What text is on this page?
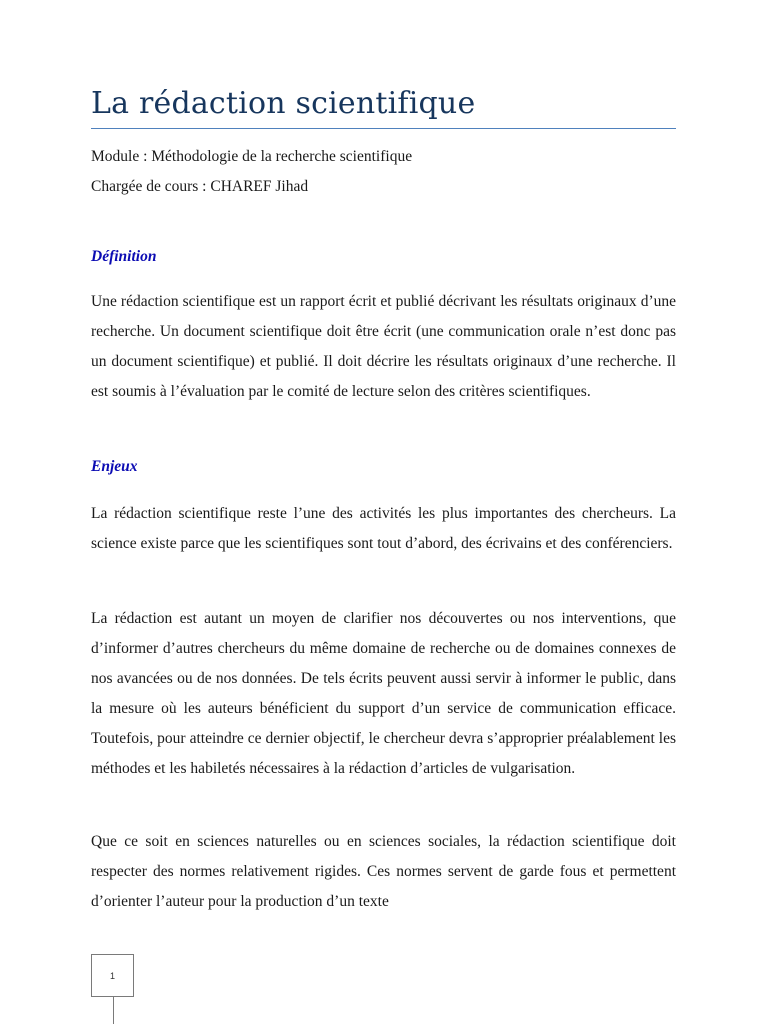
La rédaction scientifique
Module : Méthodologie de la recherche scientifique
Chargée de cours : CHAREF Jihad
Définition
Une rédaction scientifique est un rapport écrit et publié décrivant les résultats originaux d’une recherche. Un document scientifique doit être écrit (une communication orale n’est donc pas un document scientifique) et publié. Il doit décrire les résultats originaux d’une recherche. Il est soumis à l’évaluation par le comité de lecture selon des critères scientifiques.
Enjeux
La rédaction scientifique reste l’une des activités les plus importantes des chercheurs. La science existe parce que les scientifiques sont tout d’abord, des écrivains et des conférenciers.
La rédaction est autant un moyen de clarifier nos découvertes ou nos interventions, que d’informer d’autres chercheurs du même domaine de recherche ou de domaines connexes de nos avancées ou de nos données. De tels écrits peuvent aussi servir à informer le public, dans la mesure où les auteurs bénéficient du support d’un service de communication efficace. Toutefois, pour atteindre ce dernier objectif, le chercheur devra s’approprier préalablement les méthodes et les habiletés nécessaires à la rédaction d’articles de vulgarisation.
Que ce soit en sciences naturelles ou en sciences sociales, la rédaction scientifique doit respecter des normes relativement rigides. Ces normes servent de garde fous et permettent d’orienter l’auteur pour la production d’un texte
1
